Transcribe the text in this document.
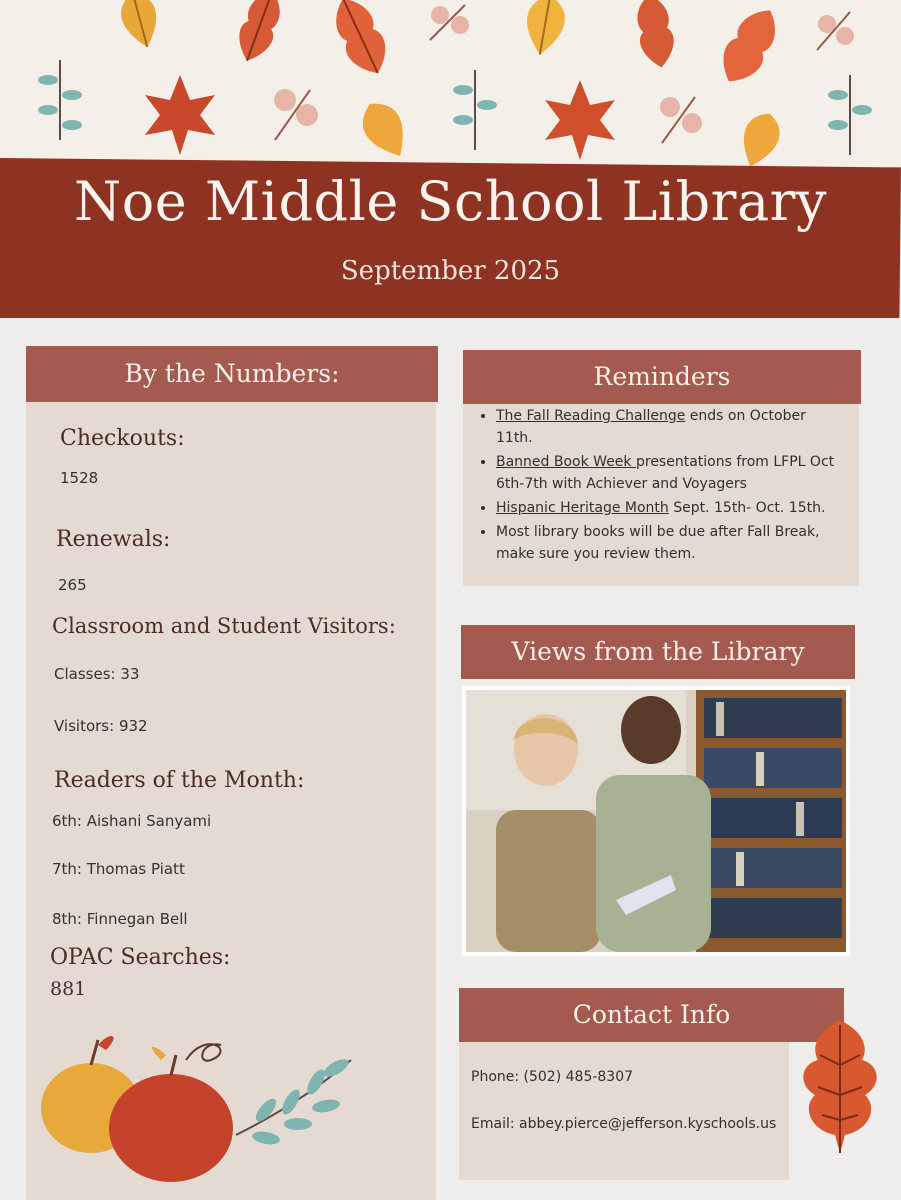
Noe Middle School Library
September 2025
By the Numbers:
Checkouts:
1528
Renewals:
265
Classroom and Student Visitors:
Classes: 33
Visitors: 932
Readers of the Month:
6th: Aishani Sanyami
7th: Thomas Piatt
8th: Finnegan Bell
OPAC Searches:
881
Reminders
• The Fall Reading Challenge ends on October 11th.
• Banned Book Week presentations from LFPL Oct 6th-7th with Achiever and Voyagers
• Hispanic Heritage Month Sept. 15th- Oct. 15th.
• Most library books will be due after Fall Break, make sure you review them.
Views from the Library
Contact Info
Phone: (502) 485-8307
Email: abbey.pierce@jefferson.kyschools.us
